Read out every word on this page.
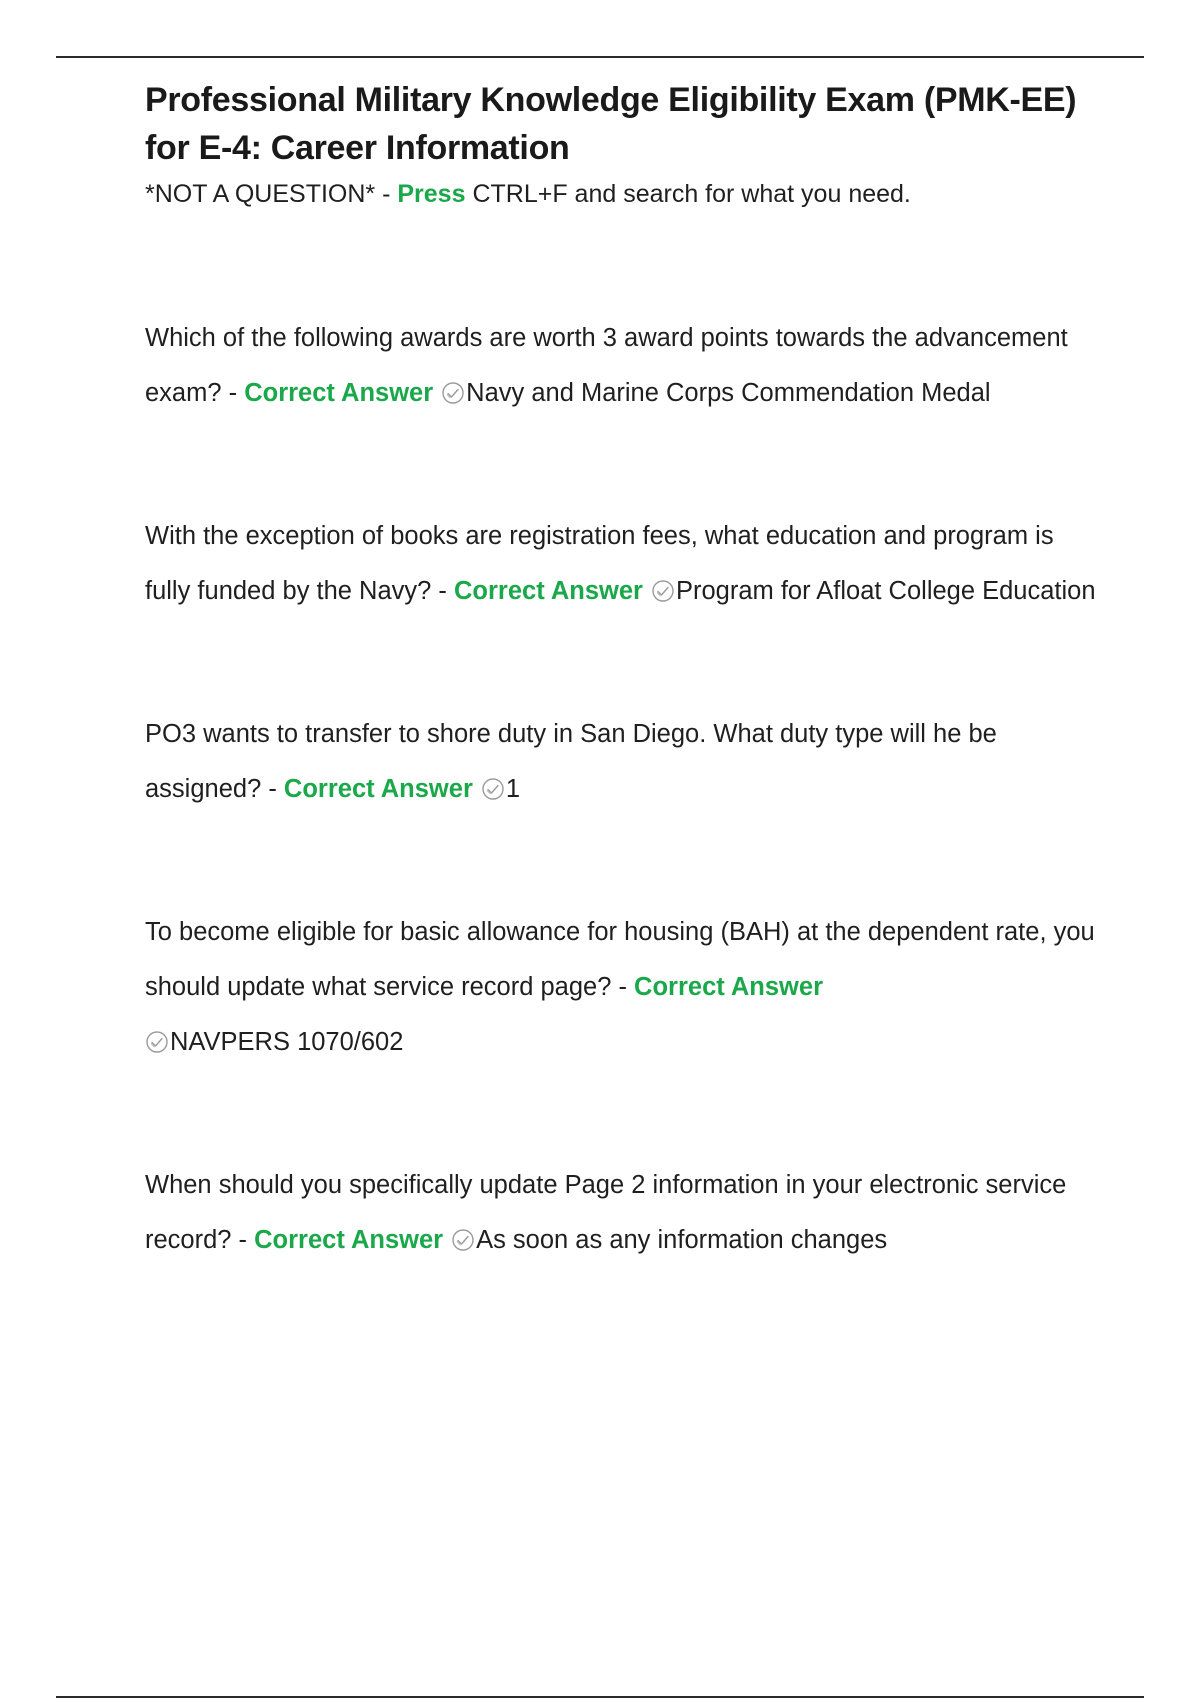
Professional Military Knowledge Eligibility Exam (PMK-EE) for E-4: Career Information

*NOT A QUESTION* - Press CTRL+F and search for what you need.

Which of the following awards are worth 3 award points towards the advancement exam? - Correct Answer Navy and Marine Corps Commendation Medal

With the exception of books are registration fees, what education and program is fully funded by the Navy? - Correct Answer Program for Afloat College Education

PO3 wants to transfer to shore duty in San Diego. What duty type will he be assigned? - Correct Answer 1

To become eligible for basic allowance for housing (BAH) at the dependent rate, you should update what service record page? - Correct Answer

NAVPERS 1070/602

When should you specifically update Page 2 information in your electronic service record? - Correct Answer As soon as any information changes
